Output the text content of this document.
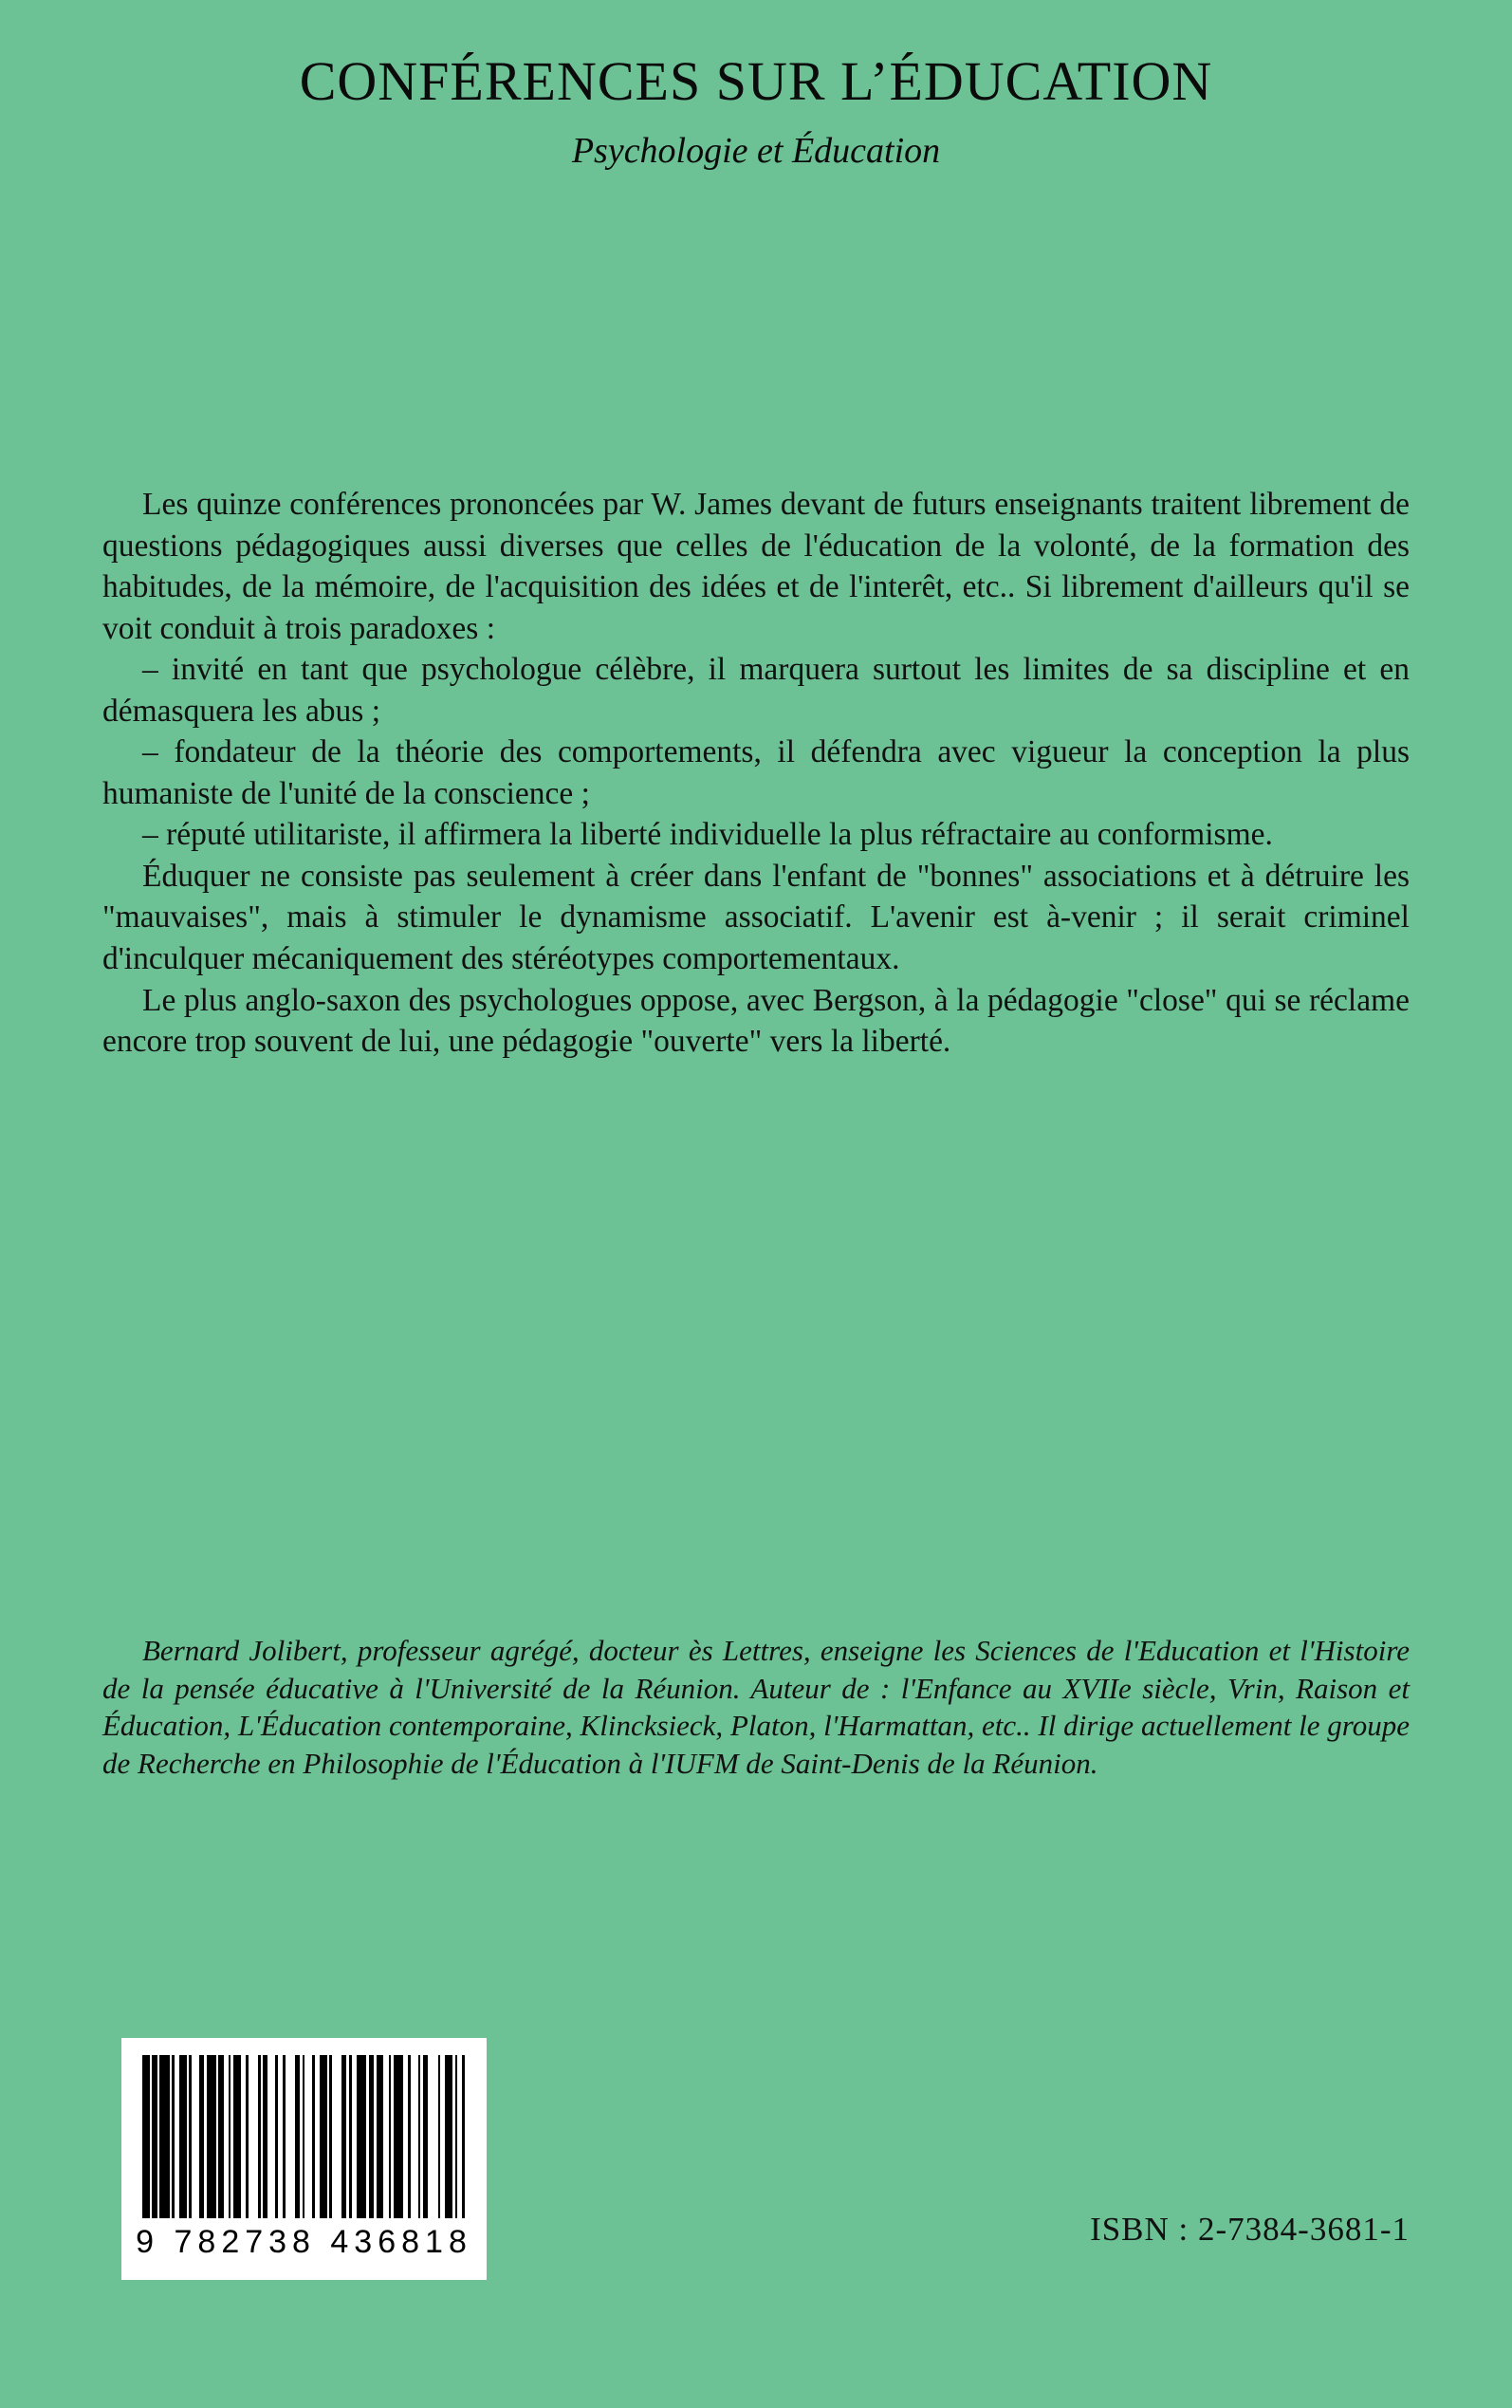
CONFÉRENCES SUR L’ÉDUCATION
Psychologie et Éducation

Les quinze conférences prononcées par W. James devant de futurs enseignants traitent librement de questions pédagogiques aussi diverses que celles de l'éducation de la volonté, de la formation des habitudes, de la mémoire, de l'acquisition des idées et de l'interêt, etc.. Si librement d'ailleurs qu'il se voit conduit à trois paradoxes :

– invité en tant que psychologue célèbre, il marquera surtout les limites de sa discipline et en démasquera les abus ;

– fondateur de la théorie des comportements, il défendra avec vigueur la conception la plus humaniste de l'unité de la conscience ;

– réputé utilitariste, il affirmera la liberté individuelle la plus réfractaire au conformisme.

Éduquer ne consiste pas seulement à créer dans l'enfant de "bonnes" associations et à détruire les "mauvaises", mais à stimuler le dynamisme associatif. L'avenir est à-venir ; il serait criminel d'inculquer mécaniquement des stéréotypes comportementaux.

Le plus anglo-saxon des psychologues oppose, avec Bergson, à la pédagogie "close" qui se réclame encore trop souvent de lui, une pédagogie "ouverte" vers la liberté.

Bernard Jolibert, professeur agrégé, docteur ès Lettres, enseigne les Sciences de l'Education et l'Histoire de la pensée éducative à l'Université de la Réunion. Auteur de : l'Enfance au XVIIe siècle, Vrin, Raison et Éducation, L'Éducation contemporaine, Klincksieck, Platon, l'Harmattan, etc.. Il dirige actuellement le groupe de Recherche en Philosophie de l'Éducation à l'IUFM de Saint-Denis de la Réunion.

9 782738 436818	ISBN : 2-7384-3681-1
